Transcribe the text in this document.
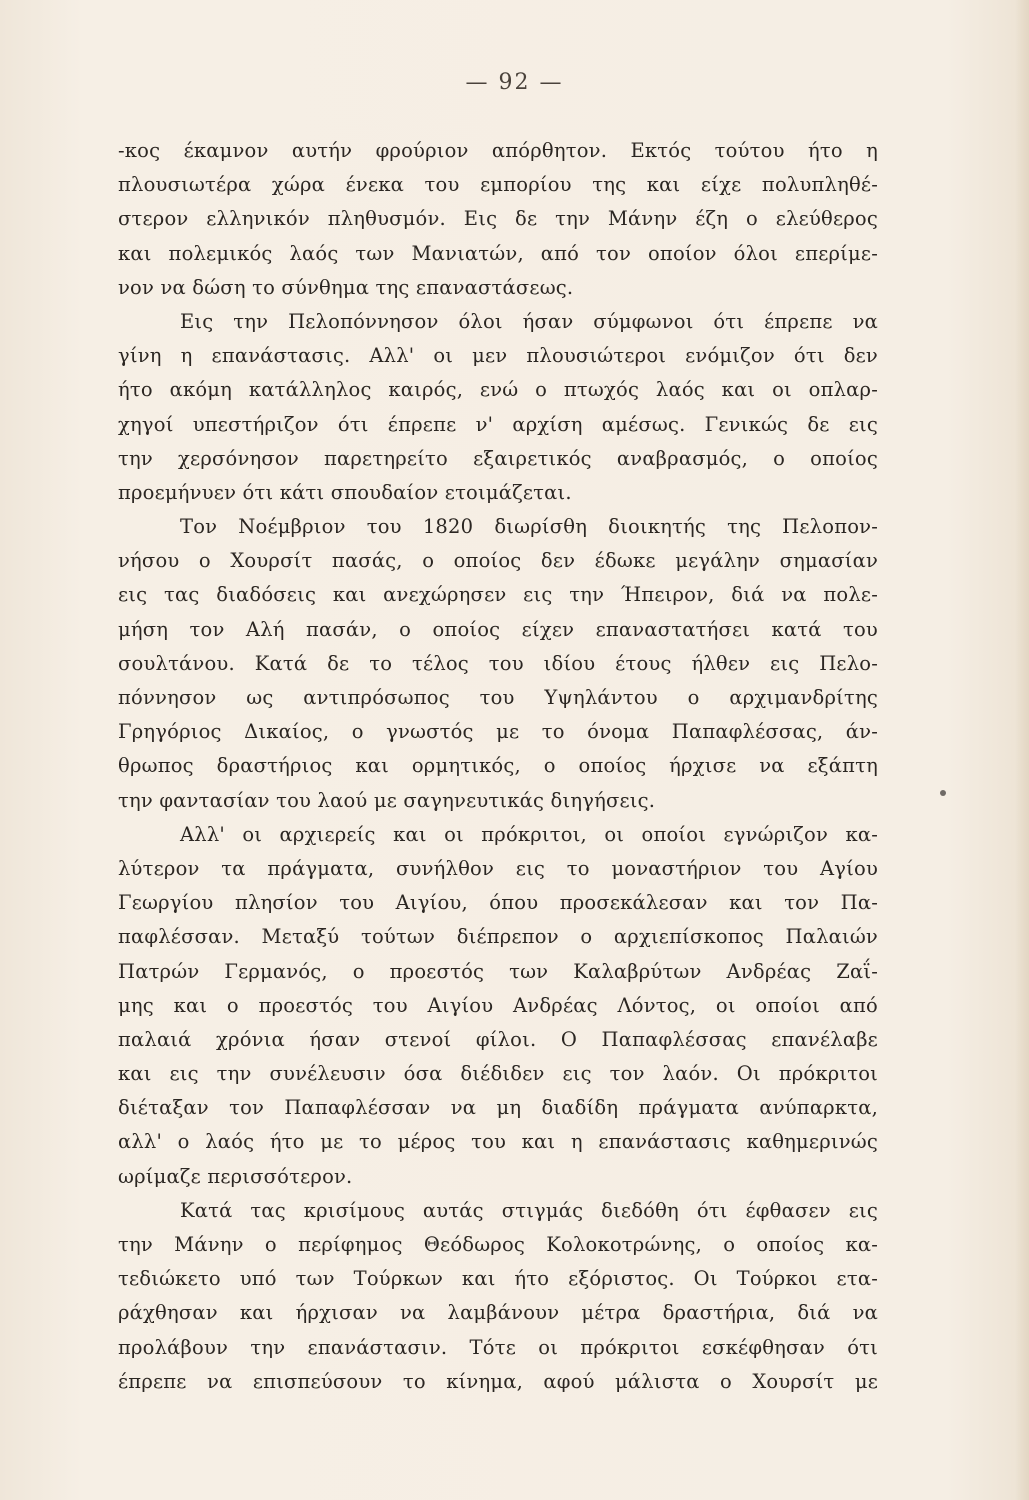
— 92 —
-κος έκαμνον αυτήν φρούριον απόρθητον. Εκτός τούτου ήτο η
πλουσιωτέρα χώρα ένεκα του εμπορίου της και είχε πολυπληθέ-
στερον ελληνικόν πληθυσμόν. Εις δε την Μάνην έζη ο ελεύθερος
και πολεμικός λαός των Μανιατών, από τον οποίον όλοι επερίμε-
νον να δώση το σύνθημα της επαναστάσεως.
Εις την Πελοπόννησον όλοι ήσαν σύμφωνοι ότι έπρεπε να
γίνη η επανάστασις. Αλλ' οι μεν πλουσιώτεροι ενόμιζον ότι δεν
ήτο ακόμη κατάλληλος καιρός, ενώ ο πτωχός λαός και οι οπλαρ-
χηγοί υπεστήριζον ότι έπρεπε ν' αρχίση αμέσως. Γενικώς δε εις
την χερσόνησον παρετηρείτο εξαιρετικός αναβρασμός, ο οποίος
προεμήνυεν ότι κάτι σπουδαίον ετοιμάζεται.
Τον Νοέμβριον του 1820 διωρίσθη διοικητής της Πελοπον-
νήσου ο Χουρσίτ πασάς, ο οποίος δεν έδωκε μεγάλην σημασίαν
εις τας διαδόσεις και ανεχώρησεν εις την Ήπειρον, διά να πολε-
μήση τον Αλή πασάν, ο οποίος είχεν επαναστατήσει κατά του
σουλτάνου. Κατά δε το τέλος του ιδίου έτους ήλθεν εις Πελο-
πόννησον ως αντιπρόσωπος του Υψηλάντου ο αρχιμανδρίτης
Γρηγόριος Δικαίος, ο γνωστός με το όνομα Παπαφλέσσας, άν-
θρωπος δραστήριος και ορμητικός, ο οποίος ήρχισε να εξάπτη
την φαντασίαν του λαού με σαγηνευτικάς διηγήσεις.
Αλλ' οι αρχιερείς και οι πρόκριτοι, οι οποίοι εγνώριζον κα-
λύτερον τα πράγματα, συνήλθον εις το μοναστήριον του Αγίου
Γεωργίου πλησίον του Αιγίου, όπου προσεκάλεσαν και τον Πα-
παφλέσσαν. Μεταξύ τούτων διέπρεπον ο αρχιεπίσκοπος Παλαιών
Πατρών Γερμανός, ο προεστός των Καλαβρύτων Ανδρέας Ζαΐ-
μης και ο προεστός του Αιγίου Ανδρέας Λόντος, οι οποίοι από
παλαιά χρόνια ήσαν στενοί φίλοι. Ο Παπαφλέσσας επανέλαβε
και εις την συνέλευσιν όσα διέδιδεν εις τον λαόν. Οι πρόκριτοι
διέταξαν τον Παπαφλέσσαν να μη διαδίδη πράγματα ανύπαρκτα,
αλλ' ο λαός ήτο με το μέρος του και η επανάστασις καθημερινώς
ωρίμαζε περισσότερον.
Κατά τας κρισίμους αυτάς στιγμάς διεδόθη ότι έφθασεν εις
την Μάνην ο περίφημος Θεόδωρος Κολοκοτρώνης, ο οποίος κα-
τεδιώκετο υπό των Τούρκων και ήτο εξόριστος. Οι Τούρκοι ετα-
ράχθησαν και ήρχισαν να λαμβάνουν μέτρα δραστήρια, διά να
προλάβουν την επανάστασιν. Τότε οι πρόκριτοι εσκέφθησαν ότι
έπρεπε να επισπεύσουν το κίνημα, αφού μάλιστα ο Χουρσίτ με
